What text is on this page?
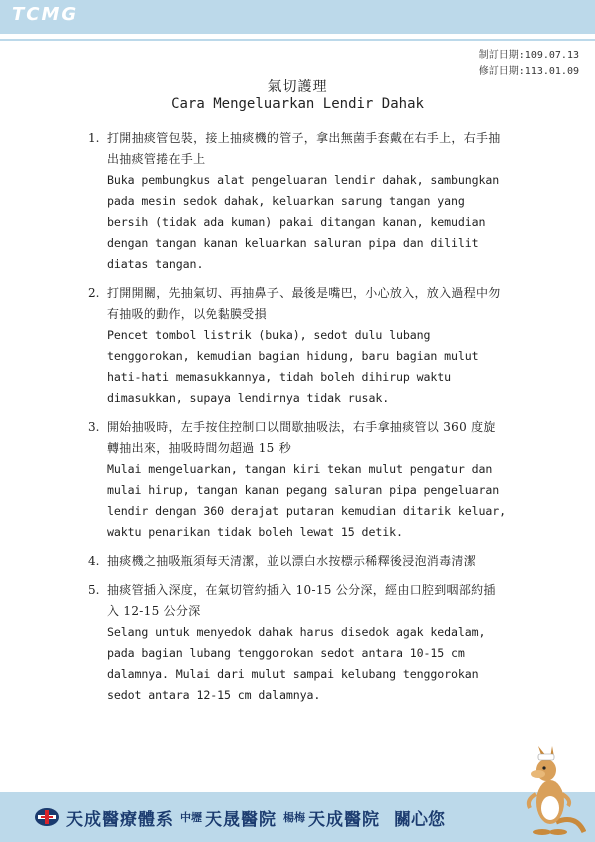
TCMG
制訂日期:109.07.13
修訂日期:113.01.09
氣切護理
Cara Mengeluarkan Lendir Dahak
1. 打開抽痰管包裝，接上抽痰機的管子，拿出無菌手套戴在右手上，右手抽出抽痰管捲在手上
Buka pembungkus alat pengeluaran lendir dahak, sambungkan pada mesin sedok dahak, keluarkan sarung tangan yang bersih (tidak ada kuman) pakai ditangan kanan, kemudian dengan tangan kanan keluarkan saluran pipa dan dililit diatas tangan.
2. 打開開關，先抽氣切、再抽鼻子、最後是嘴巴，小心放入，放入過程中勿有抽吸的動作，以免黏膜受損
Pencet tombol listrik (buka), sedot dulu lubang tenggorokan, kemudian bagian hidung, baru bagian mulut hati-hati memasukkannya, tidah boleh dihirup waktu dimasukkan, supaya lendirnya tidak rusak.
3. 開始抽吸時，左手按住控制口以間歇抽吸法，右手拿抽痰管以 360 度旋轉抽出來，抽吸時間勿超過 15 秒
Mulai mengeluarkan, tangan kiri tekan mulut pengatur dan mulai hirup, tangan kanan pegang saluran pipa pengeluaran lendir dengan 360 derajat putaran kemudian ditarik keluar, waktu penarikan tidak boleh lewat 15 detik.
4. 抽痰機之抽吸瓶須每天清潔，並以漂白水按標示稀釋後浸泡消毒清潔
5. 抽痰管插入深度，在氣切管約插入 10-15 公分深，經由口腔到咽部約插入 12-15 公分深
Selang untuk menyedok dahak harus disedok agak kedalam, pada bagian lubang tenggorokan sedot antara 10-15 cm dalamnya. Mulai dari mulut sampai kelubang tenggorokan sedot antara 12-15 cm dalamnya.
天成醫療體系 中壢 天晟醫院 楊梅 天成醫院 關心您
